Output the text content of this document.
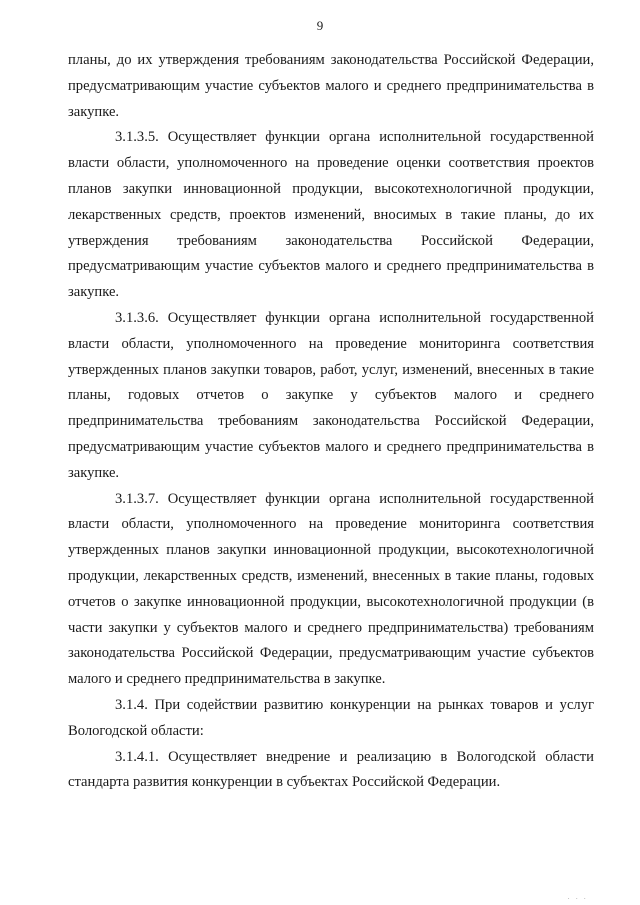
9

планы, до их утверждения требованиям законодательства Российской Федерации, предусматривающим участие субъектов малого и среднего предпринимательства в закупке.

3.1.3.5. Осуществляет функции органа исполнительной государственной власти области, уполномоченного на проведение оценки соответствия проектов планов закупки инновационной продукции, высокотехнологичной продукции, лекарственных средств, проектов изменений, вносимых в такие планы, до их утверждения требованиям законодательства Российской Федерации, предусматривающим участие субъектов малого и среднего предпринимательства в закупке.

3.1.3.6. Осуществляет функции органа исполнительной государственной власти области, уполномоченного на проведение мониторинга соответствия утвержденных планов закупки товаров, работ, услуг, изменений, внесенных в такие планы, годовых отчетов о закупке у субъектов малого и среднего предпринимательства требованиям законодательства Российской Федерации, предусматривающим участие субъектов малого и среднего предпринимательства в закупке.

3.1.3.7. Осуществляет функции органа исполнительной государственной власти области, уполномоченного на проведение мониторинга соответствия утвержденных планов закупки инновационной продукции, высокотехнологичной продукции, лекарственных средств, изменений, внесенных в такие планы, годовых отчетов о закупке инновационной продукции, высокотехнологичной продукции (в части закупки у субъектов малого и среднего предпринимательства) требованиям законодательства Российской Федерации, предусматривающим участие субъектов малого и среднего предпринимательства в закупке.

3.1.4. При содействии развитию конкуренции на рынках товаров и услуг Вологодской области:

3.1.4.1. Осуществляет внедрение и реализацию в Вологодской области стандарта развития конкуренции в субъектах Российской Федерации.

· · ·
